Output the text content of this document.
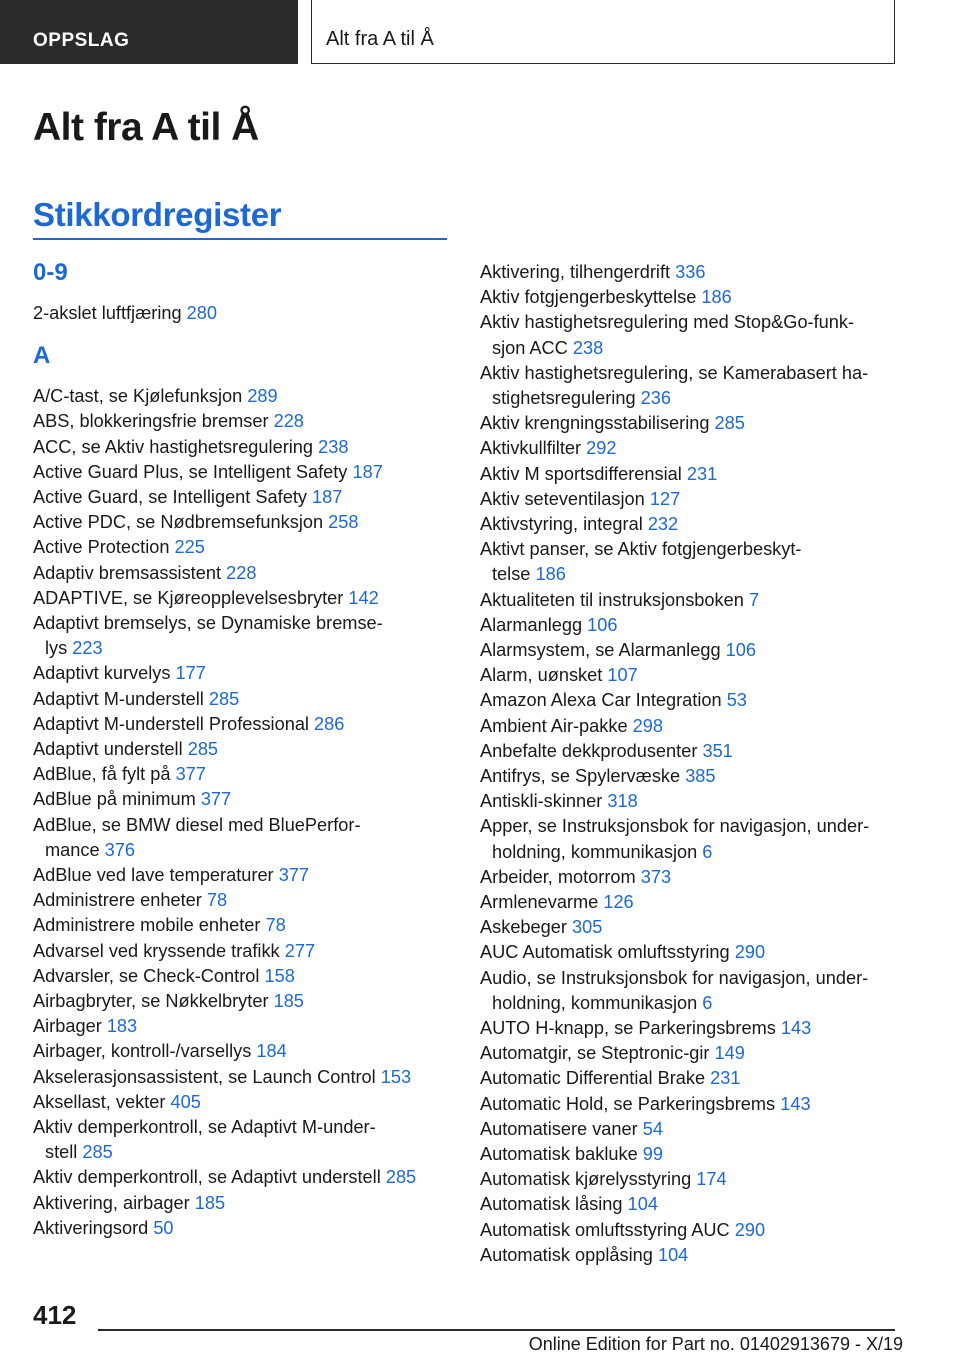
OPPSLAG	Alt fra A til Å
Alt fra A til Å
Stikkordregister
0-9
2-akslet luftfjæring 280
A
A/C-tast, se Kjølefunksjon 289
ABS, blokkeringsfrie bremser 228
ACC, se Aktiv hastighetsregulering 238
Active Guard Plus, se Intelligent Safety 187
Active Guard, se Intelligent Safety 187
Active PDC, se Nødbremsefunksjon 258
Active Protection 225
Adaptiv bremsassistent 228
ADAPTIVE, se Kjøreopplevelsesbryter 142
Adaptivt bremselys, se Dynamiske bremse-
lys 223
Adaptivt kurvelys 177
Adaptivt M-understell 285
Adaptivt M-understell Professional 286
Adaptivt understell 285
AdBlue, få fylt på 377
AdBlue på minimum 377
AdBlue, se BMW diesel med BluePerfor-
mance 376
AdBlue ved lave temperaturer 377
Administrere enheter 78
Administrere mobile enheter 78
Advarsel ved kryssende trafikk 277
Advarsler, se Check-Control 158
Airbagbryter, se Nøkkelbryter 185
Airbager 183
Airbager, kontroll-/varsellys 184
Akselerasjonsassistent, se Launch Control 153
Aksellast, vekter 405
Aktiv demperkontroll, se Adaptivt M-under-
stell 285
Aktiv demperkontroll, se Adaptivt understell 285
Aktivering, airbager 185
Aktiveringsord 50
Aktivering, tilhengerdrift 336
Aktiv fotgjengerbeskyttelse 186
Aktiv hastighetsregulering med Stop&Go-funk-
sjon ACC 238
Aktiv hastighetsregulering, se Kamerabasert ha-
stighetsregulering 236
Aktiv krengningsstabilisering 285
Aktivkullfilter 292
Aktiv M sportsdifferensial 231
Aktiv seteventilasjon 127
Aktivstyring, integral 232
Aktivt panser, se Aktiv fotgjengerbeskyt-
telse 186
Aktualiteten til instruksjonsboken 7
Alarmanlegg 106
Alarmsystem, se Alarmanlegg 106
Alarm, uønsket 107
Amazon Alexa Car Integration 53
Ambient Air-pakke 298
Anbefalte dekkprodusenter 351
Antifrys, se Spylervæske 385
Antiskli-skinner 318
Apper, se Instruksjonsbok for navigasjon, under-
holdning, kommunikasjon 6
Arbeider, motorrom 373
Armlenevarme 126
Askebeger 305
AUC Automatisk omluftsstyring 290
Audio, se Instruksjonsbok for navigasjon, under-
holdning, kommunikasjon 6
AUTO H-knapp, se Parkeringsbrems 143
Automatgir, se Steptronic-gir 149
Automatic Differential Brake 231
Automatic Hold, se Parkeringsbrems 143
Automatisere vaner 54
Automatisk bakluke 99
Automatisk kjørelysstyring 174
Automatisk låsing 104
Automatisk omluftsstyring AUC 290
Automatisk opplåsing 104
412
Online Edition for Part no. 01402913679 - X/19
